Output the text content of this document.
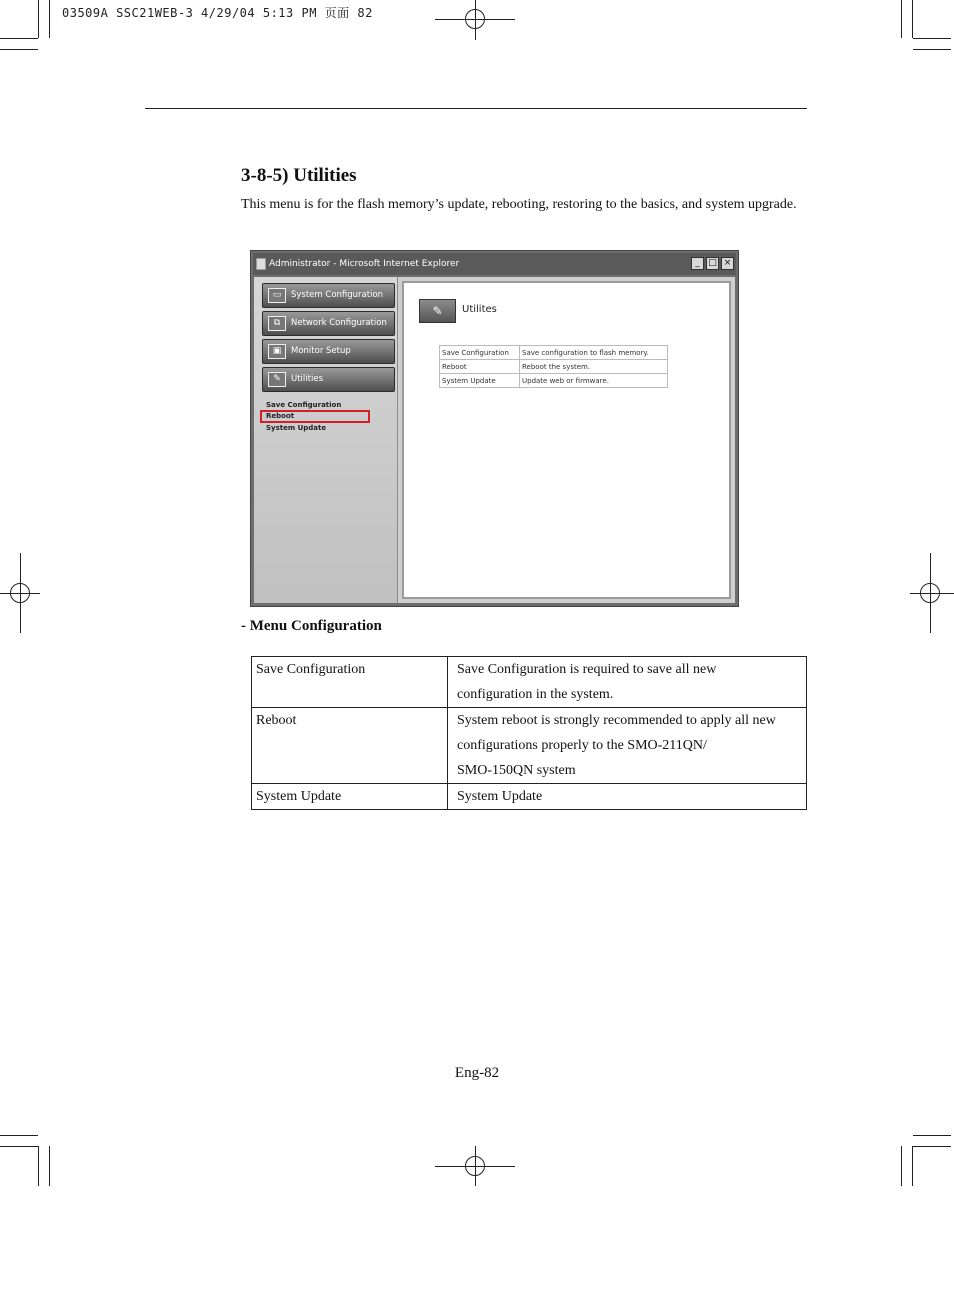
03509A SSC21WEB-3 4/29/04 5:13 PM 页面 82
3-8-5) Utilities

This menu is for the flash memory’s update, rebooting, restoring to the basics, and system upgrade.

Administrator - Microsoft Internet Explorer	_ □ ×
▭	System Configuration
⧉	Network Configuration
▣	Monitor Setup
✎	Utilities
Save Configuration
Reboot
System Update
✎	Utilites
Save Configuration	Save configuration to flash memory.
Reboot	Reboot the system.
System Update	Update web or firmware.
- Menu Configuration
Save Configuration	Save Configuration is required to save all new
configuration in the system.

Reboot	System reboot is strongly recommended to apply all new
configurations properly to the SMO-211QN/
SMO-150QN system

System Update	System Update
Eng-82
